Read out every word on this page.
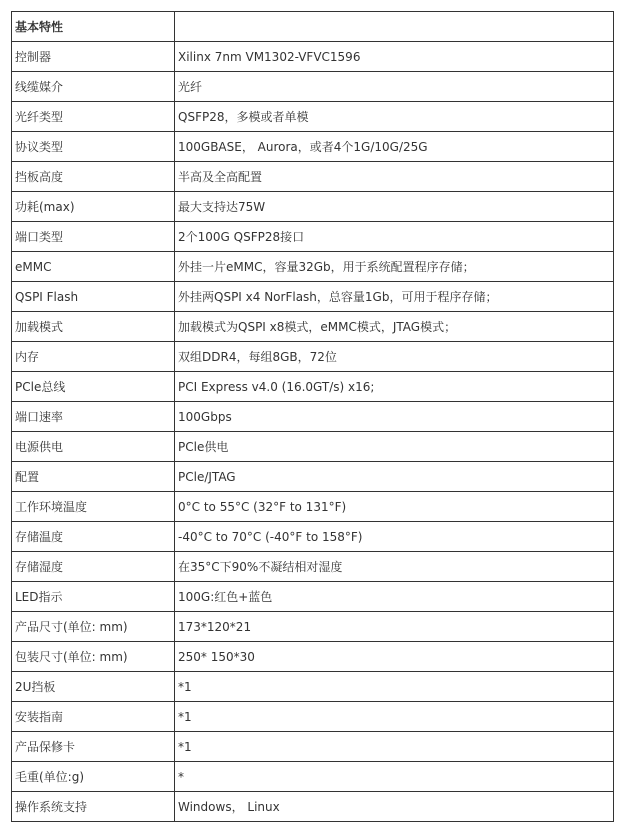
基本特性	
控制器	Xilinx 7nm VM1302-VFVC1596
线缆媒介	光纤
光纤类型	QSFP28，多模或者单模
协议类型	100GBASE， Aurora，或者4个1G/10G/25G
挡板高度	半高及全高配置
功耗(max)	最大支持达75W
端口类型	2个100G QSFP28接口
eMMC	外挂一片eMMC，容量32Gb，用于系统配置程序存储；
QSPI Flash	外挂两QSPI x4 NorFlash，总容量1Gb，可用于程序存储；
加载模式	加载模式为QSPI x8模式，eMMC模式，JTAG模式；
内存	双组DDR4，每组8GB，72位
PCle总线	PCI Express v4.0 (16.0GT/s) x16;
端口速率	100Gbps
电源供电	PCle供电
配置	PCle/JTAG
工作环境温度	0°C to 55°C (32°F to 131°F)
存储温度	-40°C to 70°C (-40°F to 158°F)
存储湿度	在35°C下90%不凝结相对湿度
LED指示	100G:红色+蓝色
产品尺寸(单位: mm)	173*120*21
包装尺寸(单位: mm)	250* 150*30
2U挡板	*1
安装指南	*1
产品保修卡	*1
毛重(单位:g)	*
操作系统支持	Windows， Linux
